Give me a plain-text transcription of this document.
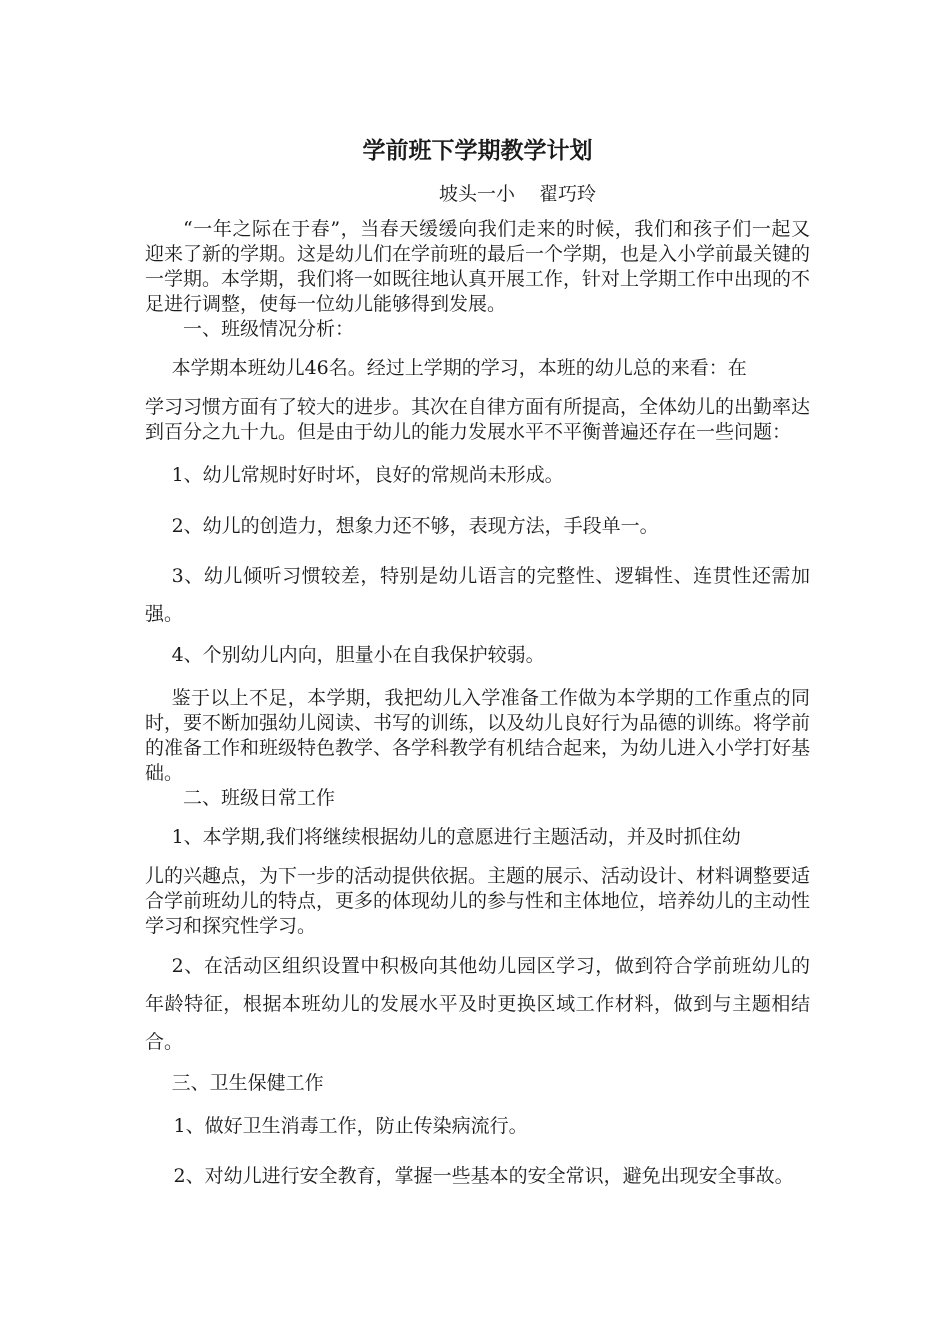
学前班下学期教学计划
坡头一小 翟巧玲

“一年之际在于春”，当春天缓缓向我们走来的时候，我们和孩子们一起又迎来了新的学期。这是幼儿们在学前班的最后一个学期，也是入小学前最关键的一学期。本学期，我们将一如既往地认真开展工作，针对上学期工作中出现的不足进行调整，使每一位幼儿能够得到发展。

一、班级情况分析：

本学期本班幼儿46名。经过上学期的学习，本班的幼儿总的来看：在

学习习惯方面有了较大的进步。其次在自律方面有所提高，全体幼儿的出勤率达到百分之九十九。但是由于幼儿的能力发展水平不平衡普遍还存在一些问题：

1、幼儿常规时好时坏，良好的常规尚未形成。

2、幼儿的创造力，想象力还不够，表现方法，手段单一。

3、幼儿倾听习惯较差，特别是幼儿语言的完整性、逻辑性、连贯性还需加强。

4、个别幼儿内向，胆量小在自我保护较弱。

鉴于以上不足，本学期，我把幼儿入学准备工作做为本学期的工作重点的同时，要不断加强幼儿阅读、书写的训练，以及幼儿良好行为品德的训练。将学前的准备工作和班级特色教学、各学科教学有机结合起来，为幼儿进入小学打好基础。

二、班级日常工作

1、本学期,我们将继续根据幼儿的意愿进行主题活动，并及时抓住幼

儿的兴趣点，为下一步的活动提供依据。主题的展示、活动设计、材料调整要适合学前班幼儿的特点，更多的体现幼儿的参与性和主体地位，培养幼儿的主动性学习和探究性学习。

2、在活动区组织设置中积极向其他幼儿园区学习，做到符合学前班幼儿的年龄特征，根据本班幼儿的发展水平及时更换区域工作材料，做到与主题相结合。

三、卫生保健工作

1、做好卫生消毒工作，防止传染病流行。

2、对幼儿进行安全教育，掌握一些基本的安全常识，避免出现安全事故。
